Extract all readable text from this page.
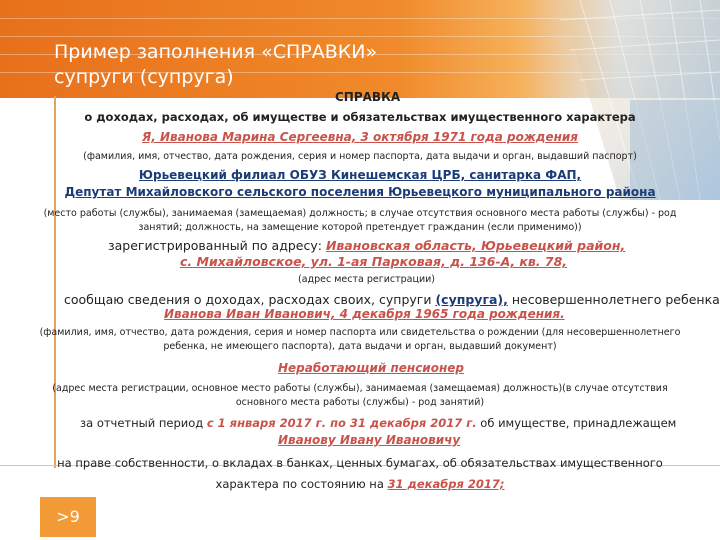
Пример заполнения «СПРАВКИ»
супруги (супруга)
СПРАВКА
о доходах, расходах, об имуществе и обязательствах имущественного характера
Я, Иванова Марина Сергеевна, 3 октября 1971 года рождения
(фамилия, имя, отчество, дата рождения, серия и номер паспорта, дата выдачи и орган, выдавший паспорт)
Юрьевецкий филиал ОБУЗ Кинешемская ЦРБ, санитарка ФАП,
Депутат Михайловского сельского поселения Юрьевецкого муниципального района
(место работы (службы), занимаемая (замещаемая) должность; в случае отсутствия основного места работы (службы) - род
занятий; должность, на замещение которой претендует гражданин (если применимо))
зарегистрированный по адресу: Ивановская область, Юрьевецкий район,
с. Михайловское, ул. 1-ая Парковая, д. 136-А, кв. 78,
(адрес места регистрации)
сообщаю сведения о доходах, расходах своих, супруги (супруга), несовершеннолетнего ребенка
Иванова Иван Иванович, 4 декабря 1965 года рождения.
(фамилия, имя, отчество, дата рождения, серия и номер паспорта или свидетельства о рождении (для несовершеннолетнего
ребенка, не имеющего паспорта), дата выдачи и орган, выдавший документ)
Неработающий пенсионер
(адрес места регистрации, основное место работы (службы), занимаемая (замещаемая) должность)(в случае отсутствия
основного места работы (службы) - род занятий)
за отчетный период с 1 января 2017 г. по 31 декабря 2017 г. об имуществе, принадлежащем
Иванову Ивану Ивановичу
на праве собственности, о вкладах в банках, ценных бумагах, об обязательствах имущественного
характера по состоянию на 31 декабря 2017;
>9
